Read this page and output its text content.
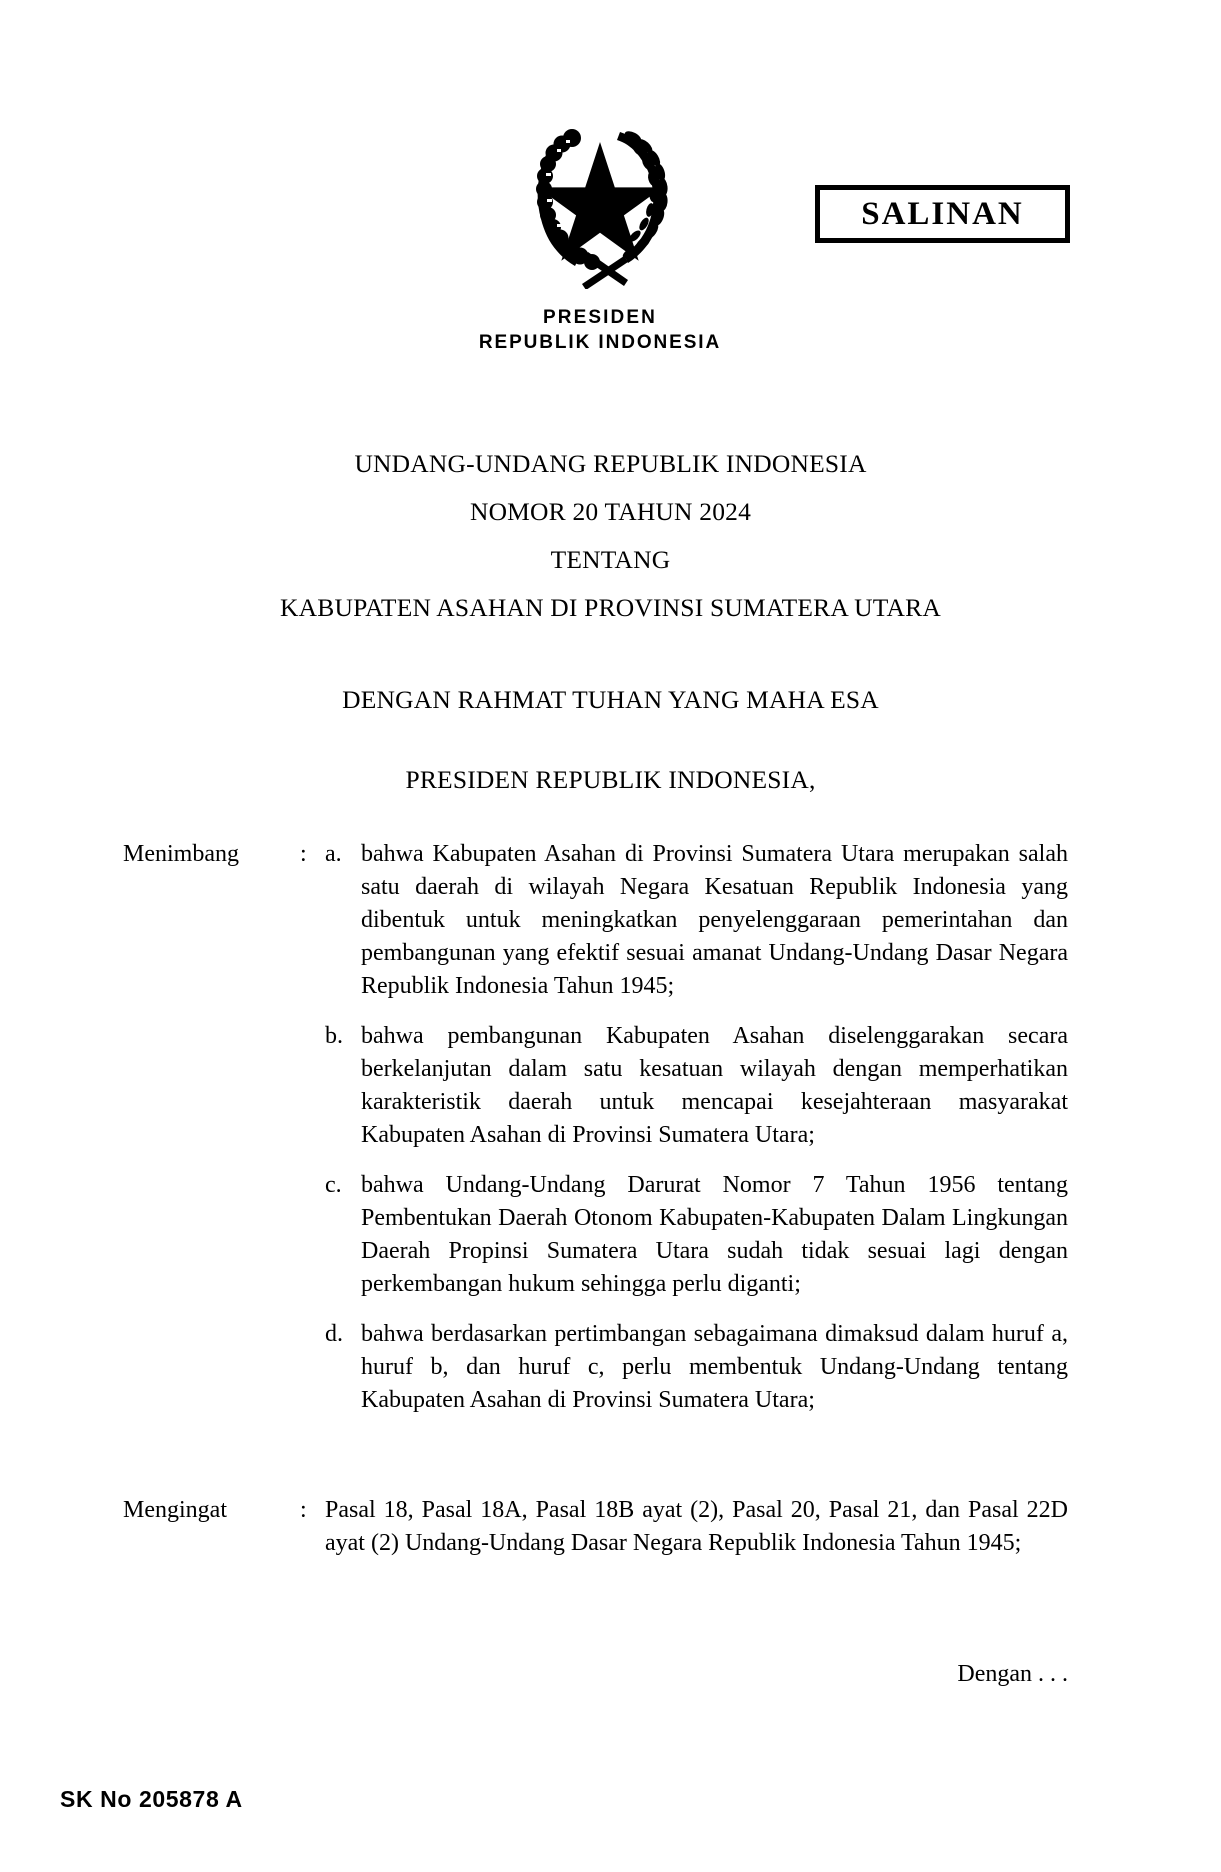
PRESIDEN
REPUBLIK INDONESIA
SALINAN
UNDANG-UNDANG REPUBLIK INDONESIA
NOMOR 20 TAHUN 2024
TENTANG
KABUPATEN ASAHAN DI PROVINSI SUMATERA UTARA
DENGAN RAHMAT TUHAN YANG MAHA ESA
PRESIDEN REPUBLIK INDONESIA,
Menimbang	: a. bahwa Kabupaten Asahan di Provinsi Sumatera Utara merupakan salah satu daerah di wilayah Negara Kesatuan Republik Indonesia yang dibentuk untuk meningkatkan penyelenggaraan pemerintahan dan pembangunan yang efektif sesuai amanat Undang-Undang Dasar Negara Republik Indonesia Tahun 1945;
b. bahwa pembangunan Kabupaten Asahan diselenggarakan secara berkelanjutan dalam satu kesatuan wilayah dengan memperhatikan karakteristik daerah untuk mencapai kesejahteraan masyarakat Kabupaten Asahan di Provinsi Sumatera Utara;
c. bahwa Undang-Undang Darurat Nomor 7 Tahun 1956 tentang Pembentukan Daerah Otonom Kabupaten-Kabupaten Dalam Lingkungan Daerah Propinsi Sumatera Utara sudah tidak sesuai lagi dengan perkembangan hukum sehingga perlu diganti;
d. bahwa berdasarkan pertimbangan sebagaimana dimaksud dalam huruf a, huruf b, dan huruf c, perlu membentuk Undang-Undang tentang Kabupaten Asahan di Provinsi Sumatera Utara;
Mengingat	: Pasal 18, Pasal 18A, Pasal 18B ayat (2), Pasal 20, Pasal 21, dan Pasal 22D ayat (2) Undang-Undang Dasar Negara Republik Indonesia Tahun 1945;
Dengan . . .
SK No 205878 A
